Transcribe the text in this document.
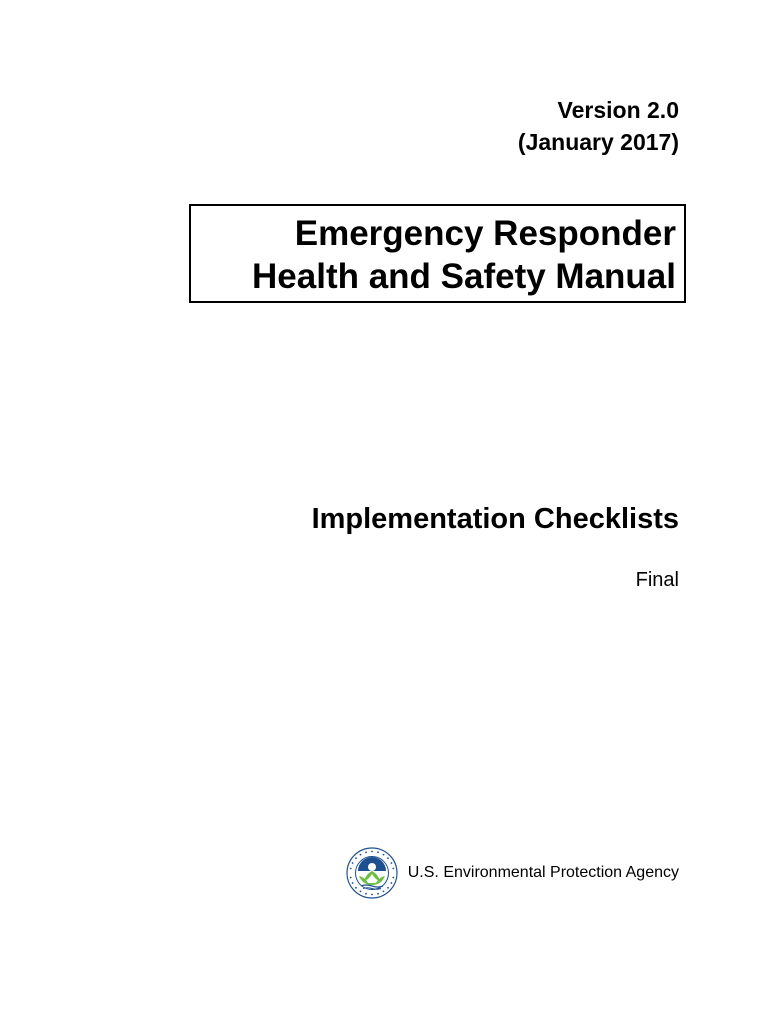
Version 2.0
(January 2017)
Emergency Responder
Health and Safety Manual
Implementation Checklists
Final
U.S. Environmental Protection Agency
